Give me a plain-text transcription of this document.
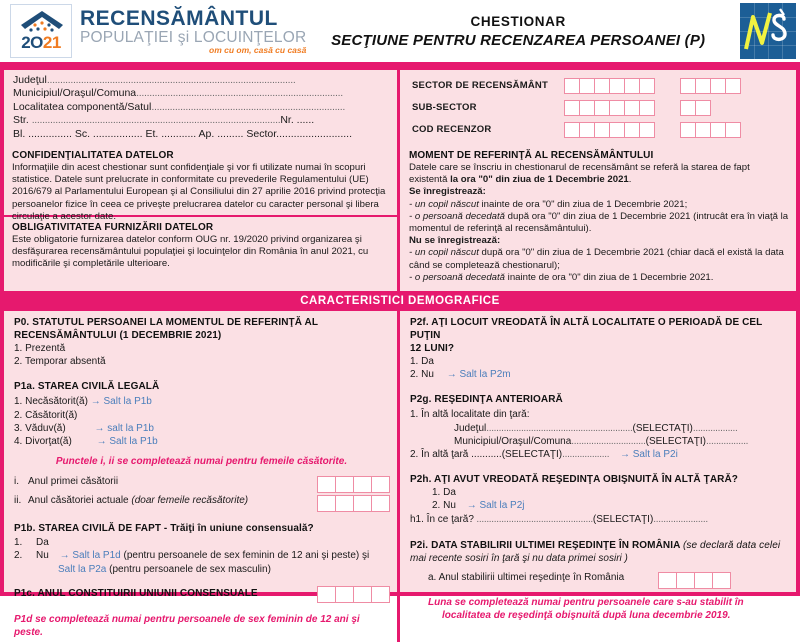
2O21
RECENSĂMÂNTUL
POPULAŢIEI şi LOCUINŢELOR
om cu om, casă cu casă
CHESTIONAR
SECŢIUNE PENTRU RECENZAREA PERSOANEI (P)
Judeţul...............................................................................................
Municipiul/Oraşul/Comuna...............................................................................
Localitatea componentă/Satul..........................................................................
Str. ...............................................................................................Nr. ......
Bl. ............... Sc. ................. Et. ............ Ap. ......... Sector..........................
SECTOR DE RECENSĂMÂNT
SUB-SECTOR
COD RECENZOR
CONFIDENŢIALITATEA DATELOR
Informaţiile din acest chestionar sunt confidenţiale şi vor fi utilizate numai în scopuri statistice. Datele sunt prelucrate in conformitate cu prevederile Regulamentului (UE) 2016/679 al Parlamentului European şi al Consiliului din 27 aprilie 2016 privind protecţia persoanelor fizice în ceea ce priveşte prelucrarea datelor cu caracter personal şi libera circulaţie a acestor date.
OBLIGATIVITATEA FURNIZĂRII DATELOR
Este obligatorie furnizarea datelor conform OUG nr. 19/2020 privind organizarea şi desfăşurarea recensământului populaţiei şi locuinţelor din România în anul 2021, cu modificările şi completările ulterioare.
MOMENT DE REFERINŢĂ AL RECENSĂMÂNTULUI
Datele care se înscriu in chestionarul de recensământ se referă la starea de fapt existentă la ora "0" din ziua de 1 Decembrie 2021.
Se înregistrează:
- un copil născut inainte de ora "0" din ziua de 1 Decembrie 2021;
- o persoană decedată după ora "0" din ziua de 1 Decembrie 2021 (intrucât era în viaţă la momentul de referinţă al recensământului).
Nu se înregistrează:
- un copil născut după ora "0" din ziua de 1 Decembrie 2021 (chiar dacă el există la data când se completează chestionarul);
- o persoană decedată inainte de ora "0" din ziua de 1 Decembrie 2021.
CARACTERISTICI DEMOGRAFICE
P0. STATUTUL PERSOANEI LA MOMENTUL DE REFERINŢĂ AL
RECENSĂMÂNTULUI (1 DECEMBRIE 2021)
1. Prezentă
2. Temporar absentă
P1a. STAREA CIVILĂ LEGALĂ
1. Necăsătorit(ă) → Salt la P1b
2. Căsătorit(ă)
3. Văduv(ă)	→ salt la P1b
4. Divorţat(ă) → Salt la P1b
Punctele i, ii se completează numai pentru femeile căsătorite.
i. Anul primei căsătorii
ii. Anul căsătoriei actuale (doar femeile recăsătorite)
P1b. STAREA CIVILĂ DE FAPT - Trăiţi în uniune consensuală?
1. Da
2. Nu → Salt la P1d (pentru persoanele de sex feminin de 12 ani şi peste) şi
Salt la P2a (pentru persoanele de sex masculin)
P1c. ANUL CONSTITUIRII UNIUNII CONSENSUALE
P1d se completează numai pentru persoanele de sex feminin de 12 ani şi peste.
P2f. AŢI LOCUIT VREODATĂ ÎN ALTĂ LOCALITATE O PERIOADĂ DE CEL PUŢIN
12 LUNI?
1. Da
2. Nu → Salt la P2m
P2g. REŞEDINŢA ANTERIOARĂ
1. În altă localitate din ţară:
Judeţul...........................................................(SELECTAŢI)..................
Municipiul/Oraşul/Comuna..............................(SELECTAŢI).................
2. În altă ţară ...........(SELECTAŢI)................... → Salt la P2i
P2h. AŢI AVUT VREODATĂ REŞEDINŢA OBIŞNUITĂ ÎN ALTĂ ŢARĂ?
1. Da
2. Nu → Salt la P2j
h1. În ce ţară? ...............................................(SELECTAŢI)......................
P2i. DATA STABILIRII ULTIMEI REŞEDINŢE ÎN ROMÂNIA (se declară data celei
mai recente sosiri în ţară şi nu data primei sosiri )
a. Anul stabilirii ultimei reşedinţe în România
Luna se completează numai pentru persoanele care s-au stabilit în
localitatea de reşedinţă obişnuită după luna decembrie 2019.
